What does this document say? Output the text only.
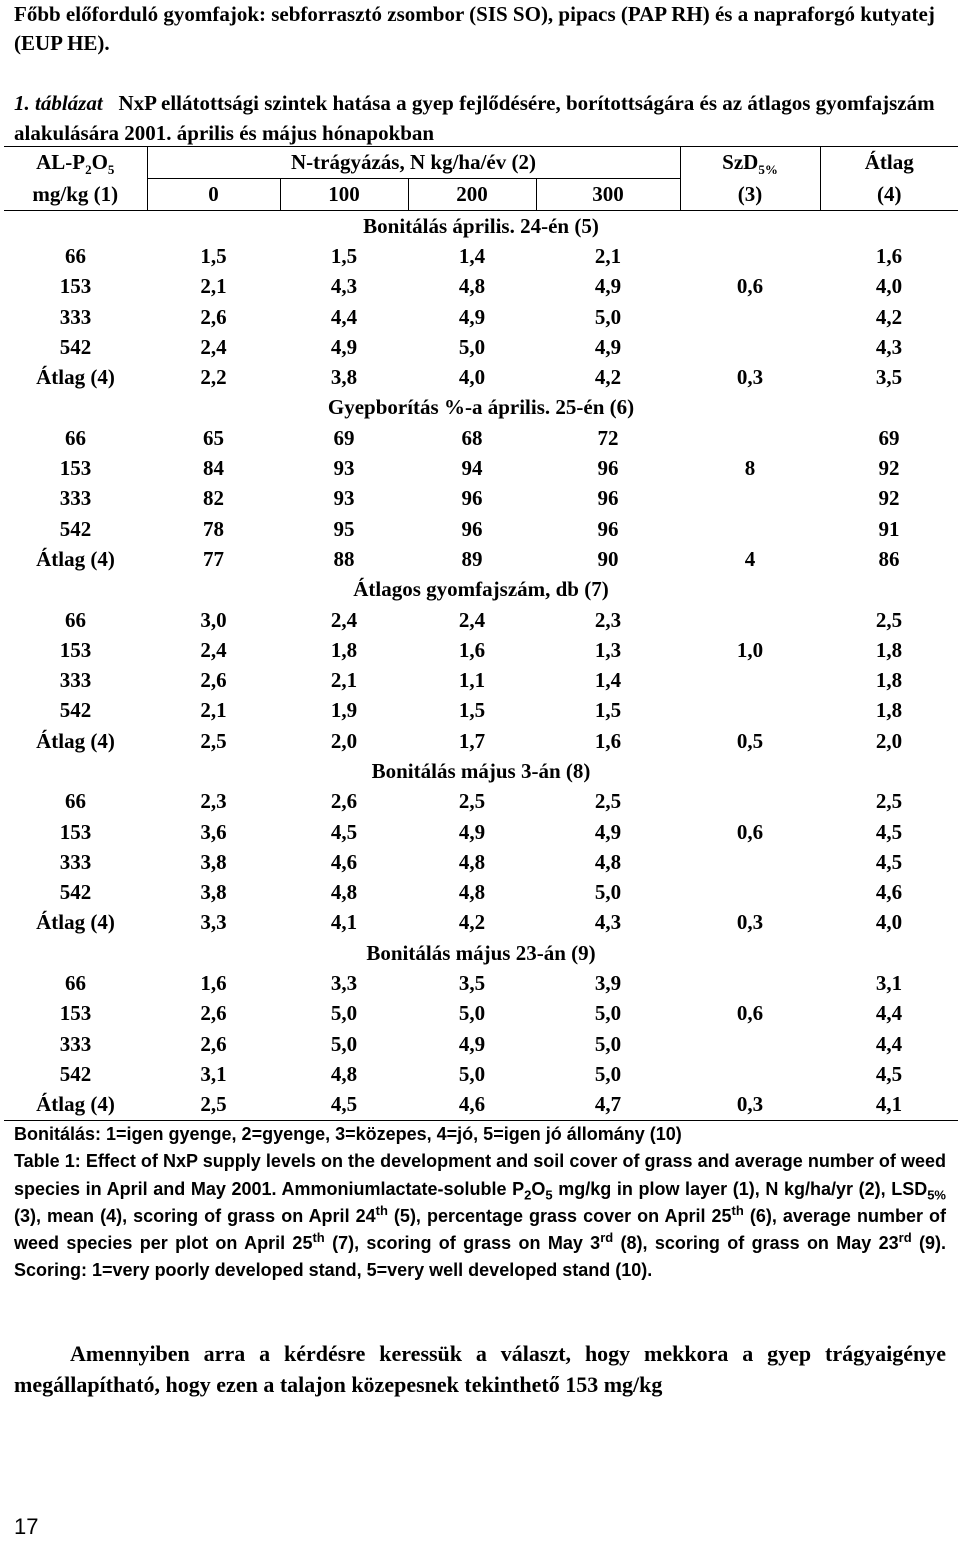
Főbb előforduló gyomfajok: sebforrasztó zsombor (SIS SO), pipacs (PAP RH) és a napraforgó kutyatej (EUP HE).
1. táblázat NxP ellátottsági szintek hatása a gyep fejlődésére, borítottságára és az átlagos gyomfajszám alakulására 2001. április és május hónapokban
$AL-P_2O_5$	N-trágyázás, N kg/ha/év (2)				SzD$_{5\%}$	Átlag
mg/kg (1)	0	100	200	300	(3)	(4)
Bonitálás április. 24-én (5)						
66	1,5	1,5	1,4	2,1		1,6
153	2,1	4,3	4,8	4,9	0,6	4,0
333	2,6	4,4	4,9	5,0		4,2
542	2,4	4,9	5,0	4,9		4,3
Átlag (4)	2,2	3,8	4,0	4,2	0,3	3,5
Gyepborítás %-a április. 25-én (6)						
66	65	69	68	72		69
153	84	93	94	96	8	92
333	82	93	96	96		92
542	78	95	96	96		91
Átlag (4)	77	88	89	90	4	86
Átlagos gyomfajszám, db (7)						
66	3,0	2,4	2,4	2,3		2,5
153	2,4	1,8	1,6	1,3	1,0	1,8
333	2,6	2,1	1,1	1,4		1,8
542	2,1	1,9	1,5	1,5		1,8
Átlag (4)	2,5	2,0	1,7	1,6	0,5	2,0
Bonitálás május 3-án (8)						
66	2,3	2,6	2,5	2,5		2,5
153	3,6	4,5	4,9	4,9	0,6	4,5
333	3,8	4,6	4,8	4,8		4,5
542	3,8	4,8	4,8	5,0		4,6
Átlag (4)	3,3	4,1	4,2	4,3	0,3	4,0
Bonitálás május 23-án (9)						
66	1,6	3,3	3,5	3,9		3,1
153	2,6	5,0	5,0	5,0	0,6	4,4
333	2,6	5,0	4,9	5,0		4,4
542	3,1	4,8	5,0	5,0		4,5
Átlag (4)	2,5	4,5	4,6	4,7	0,3	4,1

Bonitálás: 1=igen gyenge, 2=gyenge, 3=közepes, 4=jó, 5=igen jó állomány (10)

Table 1: Effect of NxP supply levels on the development and soil cover of grass and average number of weed species in April and May 2001. Ammoniumlactate-soluble $P_2O_5$ mg/kg in plow layer (1), N kg/ha/yr (2), $LSD_{5\%}$ (3), mean (4), scoring of grass on April 24th (5), percentage grass cover on April 25th (6), average number of weed species per plot on April 25th (7), scoring of grass on May 3rd (8), scoring of grass on May 23rd (9). Scoring: 1=very poorly developed stand, 5=very well developed stand (10).

Amennyiben arra a kérdésre keressük a választ, hogy mekkora a gyep trágyaigénye megállapítható, hogy ezen a talajon közepesnek tekinthető 153 mg/kg
17
